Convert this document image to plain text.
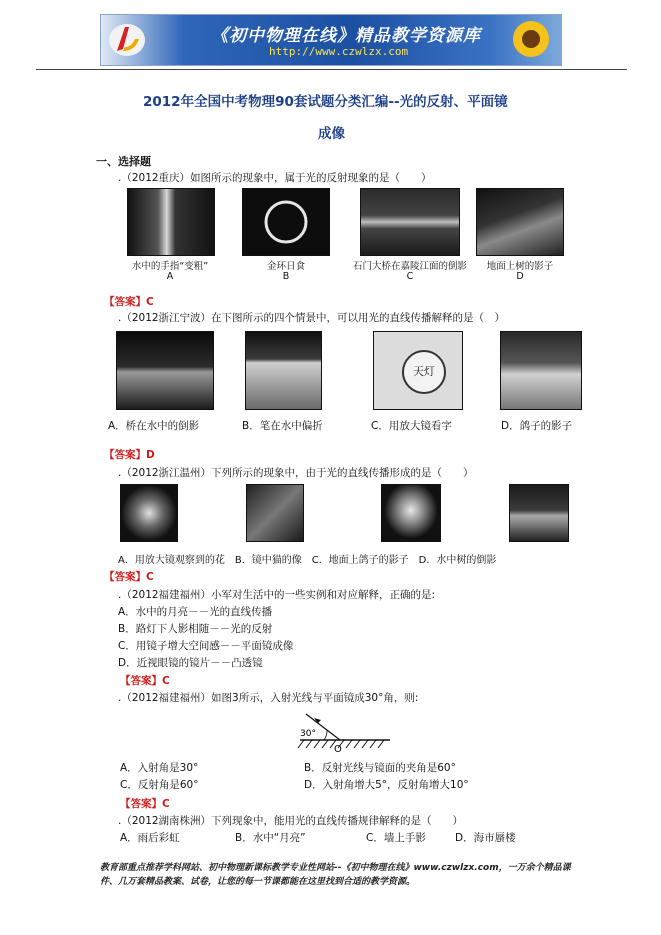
《初中物理在线》精品教学资源库
http://www.czwlzx.com
2012年全国中考物理90套试题分类汇编--光的反射、平面镜
成像
一、选择题
.（2012重庆）如图所示的现象中，属于光的反射现象的是（　　）
水中的手指“变粗”	金环日食	石门大桥在嘉陵江面的倒影	地面上树的影子
A	B	C	D
【答案】C
.（2012浙江宁波）在下图所示的四个情景中，可以用光的直线传播解释的是（　）
天灯
A．桥在水中的倒影	B．笔在水中偏折	C．用放大镜看字	D．鸽子的影子
【答案】D
.（2012浙江温州）下列所示的现象中，由于光的直线传播形成的是（　　）
A．用放大镜观察到的花　B．镜中猫的像　C．地面上鸽子的影子　D．水中树的倒影
【答案】C
.（2012福建福州）小军对生活中的一些实例和对应解释，正确的是:
A．水中的月亮－－光的直线传播
B．路灯下人影相随－－光的反射
C．用镜子增大空间感－－平面镜成像
D．近视眼镜的镜片－－凸透镜
【答案】C
.（2012福建福州）如图3所示，入射光线与平面镜成30°角，则:
30°
O
A．入射角是30°	B．反射光线与镜面的夹角是60°
C．反射角是60°	D．入射角增大5°，反射角增大10°
【答案】C
.（2012湖南株洲）下列现象中，能用光的直线传播规律解释的是（　　）
A．雨后彩虹	B．水中“月亮”	C．墙上手影	D．海市蜃楼
教育部重点推荐学科网站、初中物理新课标教学专业性网站--《初中物理在线》www.czwlzx.com，一万余个精品课件、几万套精品教案、试卷，让您的每一节课都能在这里找到合适的教学资源。
